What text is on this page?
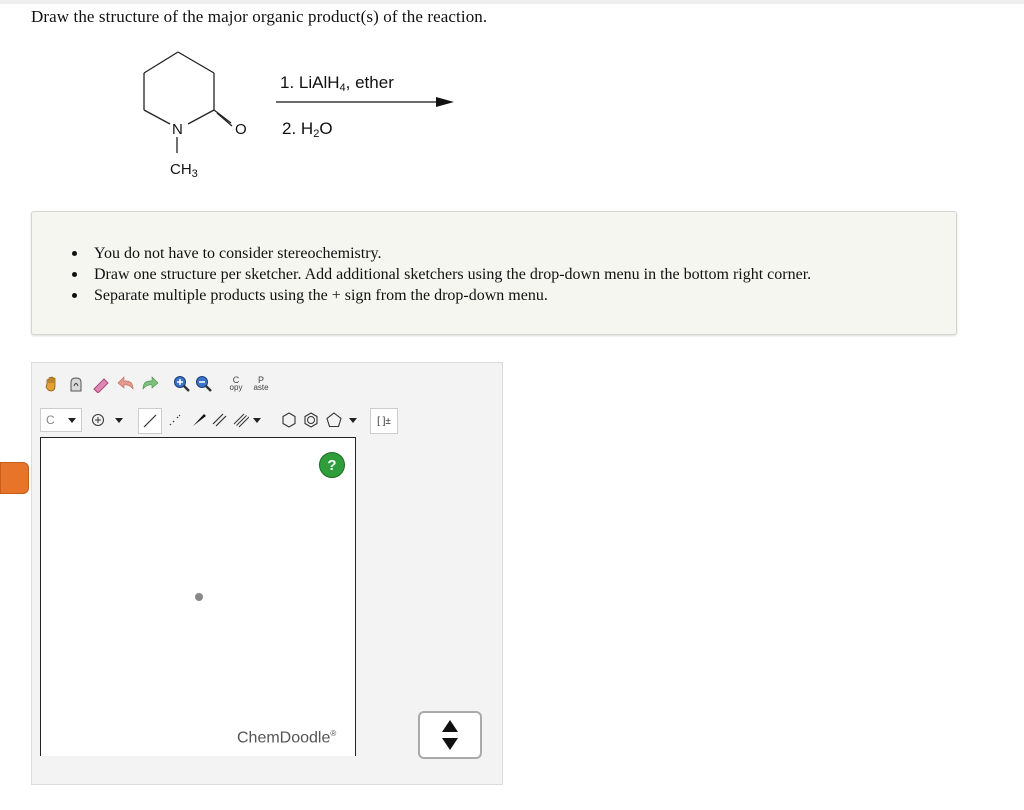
Draw the structure of the major organic product(s) of the reaction.
N	O
$CH_3$
1. LiAlH$_4$, ether
2. $H_2O$
You do not have to consider stereochemistry.
Draw one structure per sketcher. Add additional sketchers using the drop-down menu in the bottom right corner.
Separate multiple products using the + sign from the drop-down menu.
C
opy
P
aste
C	[ ]±
?
ChemDoodle®
